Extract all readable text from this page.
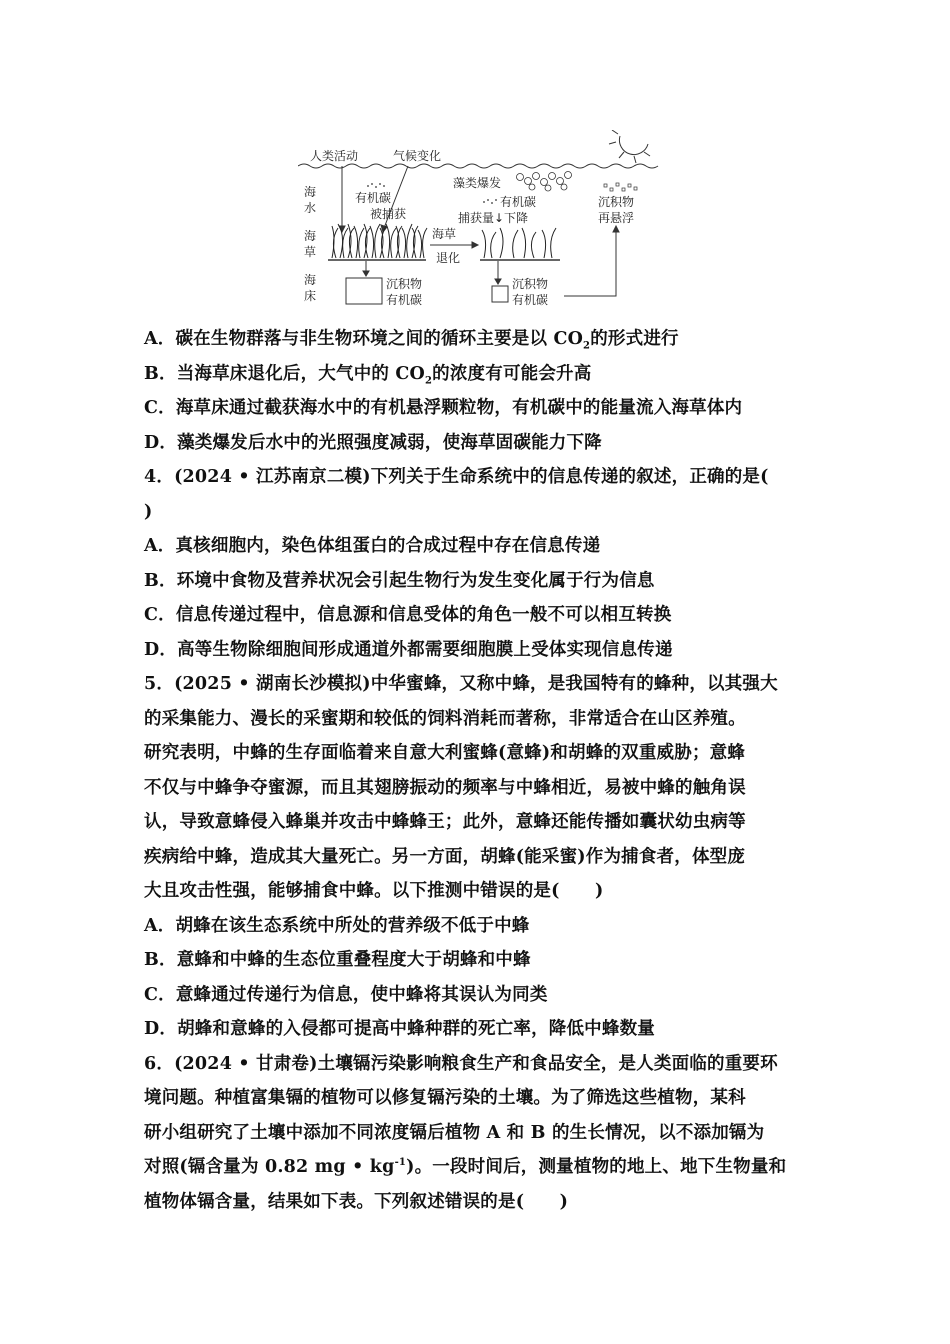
人类活动	气候变化
藻类爆发
海
水
海
草
海
床
有机碳
被捕获
海草
退化
有机碳
捕获量↓下降
沉积物
再悬浮
沉积物
有机碳
沉积物
有机碳
A．碳在生物群落与非生物环境之间的循环主要是以 $CO_2$的形式进行
B．当海草床退化后，大气中的 $CO_2$的浓度有可能会升高
C．海草床通过截获海水中的有机悬浮颗粒物，有机碳中的能量流入海草体内
D．藻类爆发后水中的光照强度减弱，使海草固碳能力下降
4．(2024 • 江苏南京二模)下列关于生命系统中的信息传递的叙述，正确的是(
)
A．真核细胞内，染色体组蛋白的合成过程中存在信息传递
B．环境中食物及营养状况会引起生物行为发生变化属于行为信息
C．信息传递过程中，信息源和信息受体的角色一般不可以相互转换
D．高等生物除细胞间形成通道外都需要细胞膜上受体实现信息传递
5．(2025 • 湖南长沙模拟)中华蜜蜂，又称中蜂，是我国特有的蜂种，以其强大
的采集能力、漫长的采蜜期和较低的饲料消耗而著称，非常适合在山区养殖。
研究表明，中蜂的生存面临着来自意大利蜜蜂(意蜂)和胡蜂的双重威胁；意蜂
不仅与中蜂争夺蜜源，而且其翅膀振动的频率与中蜂相近，易被中蜂的触角误
认，导致意蜂侵入蜂巢并攻击中蜂蜂王；此外，意蜂还能传播如囊状幼虫病等
疾病给中蜂，造成其大量死亡。另一方面，胡蜂(能采蜜)作为捕食者，体型庞
大且攻击性强，能够捕食中蜂。以下推测中错误的是(　　)
A．胡蜂在该生态系统中所处的营养级不低于中蜂
B．意蜂和中蜂的生态位重叠程度大于胡蜂和中蜂
C．意蜂通过传递行为信息，使中蜂将其误认为同类
D．胡蜂和意蜂的入侵都可提高中蜂种群的死亡率，降低中蜂数量
6．(2024 • 甘肃卷)土壤镉污染影响粮食生产和食品安全，是人类面临的重要环
境问题。种植富集镉的植物可以修复镉污染的土壤。为了筛选这些植物，某科
研小组研究了土壤中添加不同浓度镉后植物 A 和 B 的生长情况，以不添加镉为
对照(镉含量为 0.82 mg • $kg^{-1}$)。一段时间后，测量植物的地上、地下生物量和
植物体镉含量，结果如下表。下列叙述错误的是(　　)
